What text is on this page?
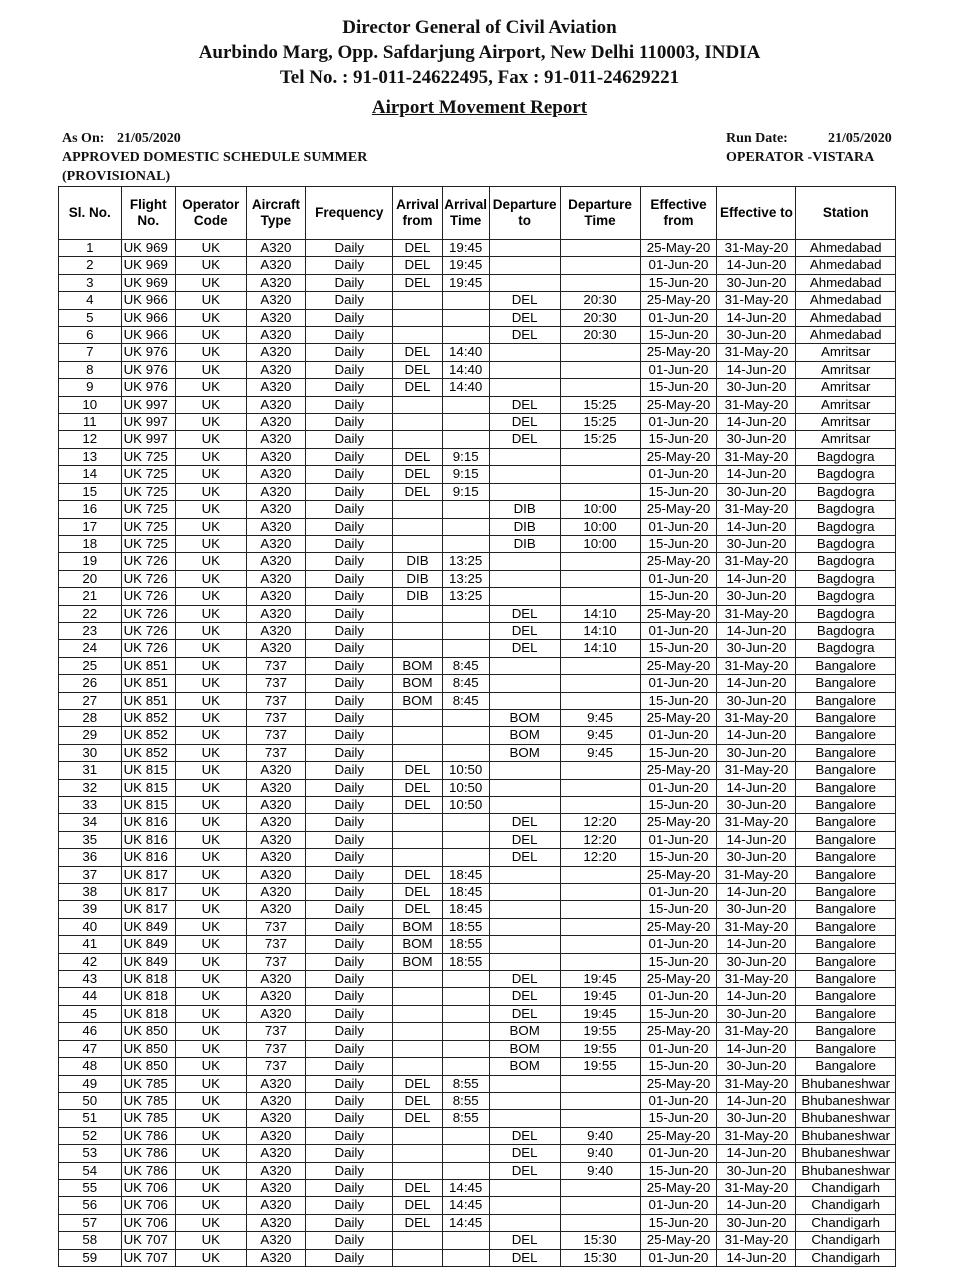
Director General of Civil Aviation
Aurbindo Marg, Opp. Safdarjung Airport, New Delhi 110003, INDIA
Tel No. : 91-011-24622495, Fax : 91-011-24629221
Airport Movement Report
As On: 21/05/2020
APPROVED DOMESTIC SCHEDULE SUMMER
(PROVISIONAL)
Run Date:	21/05/2020
OPERATOR -VISTARA
Sl. No.	Flight No.	Operator Code	Aircraft Type	Frequency	Arrival from	Arrival Time	Departure to	Departure Time	Effective from	Effective to	Station
1	UK 969	UK	A320	Daily	DEL	19:45			25-May-20	31-May-20	Ahmedabad
2	UK 969	UK	A320	Daily	DEL	19:45			01-Jun-20	14-Jun-20	Ahmedabad
3	UK 969	UK	A320	Daily	DEL	19:45			15-Jun-20	30-Jun-20	Ahmedabad
4	UK 966	UK	A320	Daily			DEL	20:30	25-May-20	31-May-20	Ahmedabad
5	UK 966	UK	A320	Daily			DEL	20:30	01-Jun-20	14-Jun-20	Ahmedabad
6	UK 966	UK	A320	Daily			DEL	20:30	15-Jun-20	30-Jun-20	Ahmedabad
7	UK 976	UK	A320	Daily	DEL	14:40			25-May-20	31-May-20	Amritsar
8	UK 976	UK	A320	Daily	DEL	14:40			01-Jun-20	14-Jun-20	Amritsar
9	UK 976	UK	A320	Daily	DEL	14:40			15-Jun-20	30-Jun-20	Amritsar
10	UK 997	UK	A320	Daily			DEL	15:25	25-May-20	31-May-20	Amritsar
11	UK 997	UK	A320	Daily			DEL	15:25	01-Jun-20	14-Jun-20	Amritsar
12	UK 997	UK	A320	Daily			DEL	15:25	15-Jun-20	30-Jun-20	Amritsar
13	UK 725	UK	A320	Daily	DEL	9:15			25-May-20	31-May-20	Bagdogra
14	UK 725	UK	A320	Daily	DEL	9:15			01-Jun-20	14-Jun-20	Bagdogra
15	UK 725	UK	A320	Daily	DEL	9:15			15-Jun-20	30-Jun-20	Bagdogra
16	UK 725	UK	A320	Daily			DIB	10:00	25-May-20	31-May-20	Bagdogra
17	UK 725	UK	A320	Daily			DIB	10:00	01-Jun-20	14-Jun-20	Bagdogra
18	UK 725	UK	A320	Daily			DIB	10:00	15-Jun-20	30-Jun-20	Bagdogra
19	UK 726	UK	A320	Daily	DIB	13:25			25-May-20	31-May-20	Bagdogra
20	UK 726	UK	A320	Daily	DIB	13:25			01-Jun-20	14-Jun-20	Bagdogra
21	UK 726	UK	A320	Daily	DIB	13:25			15-Jun-20	30-Jun-20	Bagdogra
22	UK 726	UK	A320	Daily			DEL	14:10	25-May-20	31-May-20	Bagdogra
23	UK 726	UK	A320	Daily			DEL	14:10	01-Jun-20	14-Jun-20	Bagdogra
24	UK 726	UK	A320	Daily			DEL	14:10	15-Jun-20	30-Jun-20	Bagdogra
25	UK 851	UK	737	Daily	BOM	8:45			25-May-20	31-May-20	Bangalore
26	UK 851	UK	737	Daily	BOM	8:45			01-Jun-20	14-Jun-20	Bangalore
27	UK 851	UK	737	Daily	BOM	8:45			15-Jun-20	30-Jun-20	Bangalore
28	UK 852	UK	737	Daily			BOM	9:45	25-May-20	31-May-20	Bangalore
29	UK 852	UK	737	Daily			BOM	9:45	01-Jun-20	14-Jun-20	Bangalore
30	UK 852	UK	737	Daily			BOM	9:45	15-Jun-20	30-Jun-20	Bangalore
31	UK 815	UK	A320	Daily	DEL	10:50			25-May-20	31-May-20	Bangalore
32	UK 815	UK	A320	Daily	DEL	10:50			01-Jun-20	14-Jun-20	Bangalore
33	UK 815	UK	A320	Daily	DEL	10:50			15-Jun-20	30-Jun-20	Bangalore
34	UK 816	UK	A320	Daily			DEL	12:20	25-May-20	31-May-20	Bangalore
35	UK 816	UK	A320	Daily			DEL	12:20	01-Jun-20	14-Jun-20	Bangalore
36	UK 816	UK	A320	Daily			DEL	12:20	15-Jun-20	30-Jun-20	Bangalore
37	UK 817	UK	A320	Daily	DEL	18:45			25-May-20	31-May-20	Bangalore
38	UK 817	UK	A320	Daily	DEL	18:45			01-Jun-20	14-Jun-20	Bangalore
39	UK 817	UK	A320	Daily	DEL	18:45			15-Jun-20	30-Jun-20	Bangalore
40	UK 849	UK	737	Daily	BOM	18:55			25-May-20	31-May-20	Bangalore
41	UK 849	UK	737	Daily	BOM	18:55			01-Jun-20	14-Jun-20	Bangalore
42	UK 849	UK	737	Daily	BOM	18:55			15-Jun-20	30-Jun-20	Bangalore
43	UK 818	UK	A320	Daily			DEL	19:45	25-May-20	31-May-20	Bangalore
44	UK 818	UK	A320	Daily			DEL	19:45	01-Jun-20	14-Jun-20	Bangalore
45	UK 818	UK	A320	Daily			DEL	19:45	15-Jun-20	30-Jun-20	Bangalore
46	UK 850	UK	737	Daily			BOM	19:55	25-May-20	31-May-20	Bangalore
47	UK 850	UK	737	Daily			BOM	19:55	01-Jun-20	14-Jun-20	Bangalore
48	UK 850	UK	737	Daily			BOM	19:55	15-Jun-20	30-Jun-20	Bangalore
49	UK 785	UK	A320	Daily	DEL	8:55			25-May-20	31-May-20	Bhubaneshwar
50	UK 785	UK	A320	Daily	DEL	8:55			01-Jun-20	14-Jun-20	Bhubaneshwar
51	UK 785	UK	A320	Daily	DEL	8:55			15-Jun-20	30-Jun-20	Bhubaneshwar
52	UK 786	UK	A320	Daily			DEL	9:40	25-May-20	31-May-20	Bhubaneshwar
53	UK 786	UK	A320	Daily			DEL	9:40	01-Jun-20	14-Jun-20	Bhubaneshwar
54	UK 786	UK	A320	Daily			DEL	9:40	15-Jun-20	30-Jun-20	Bhubaneshwar
55	UK 706	UK	A320	Daily	DEL	14:45			25-May-20	31-May-20	Chandigarh
56	UK 706	UK	A320	Daily	DEL	14:45			01-Jun-20	14-Jun-20	Chandigarh
57	UK 706	UK	A320	Daily	DEL	14:45			15-Jun-20	30-Jun-20	Chandigarh
58	UK 707	UK	A320	Daily			DEL	15:30	25-May-20	31-May-20	Chandigarh
59	UK 707	UK	A320	Daily			DEL	15:30	01-Jun-20	14-Jun-20	Chandigarh
